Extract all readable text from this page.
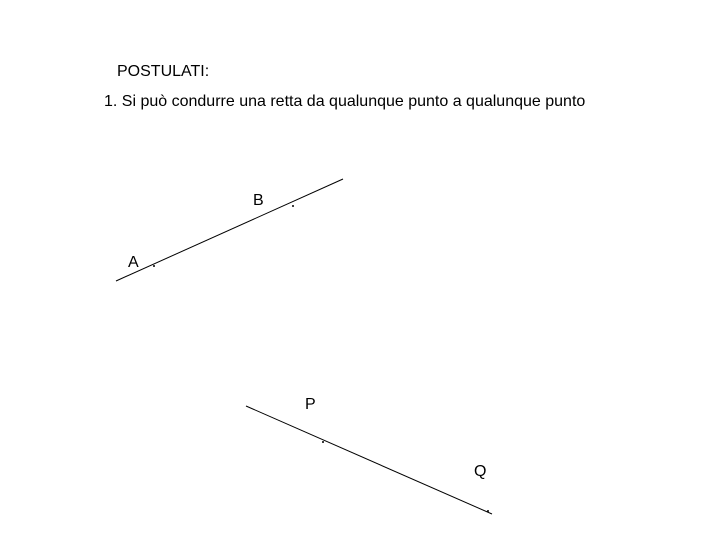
POSTULATI:
1. Si può condurre una retta da qualunque punto a qualunque punto
B
A
P
Q
